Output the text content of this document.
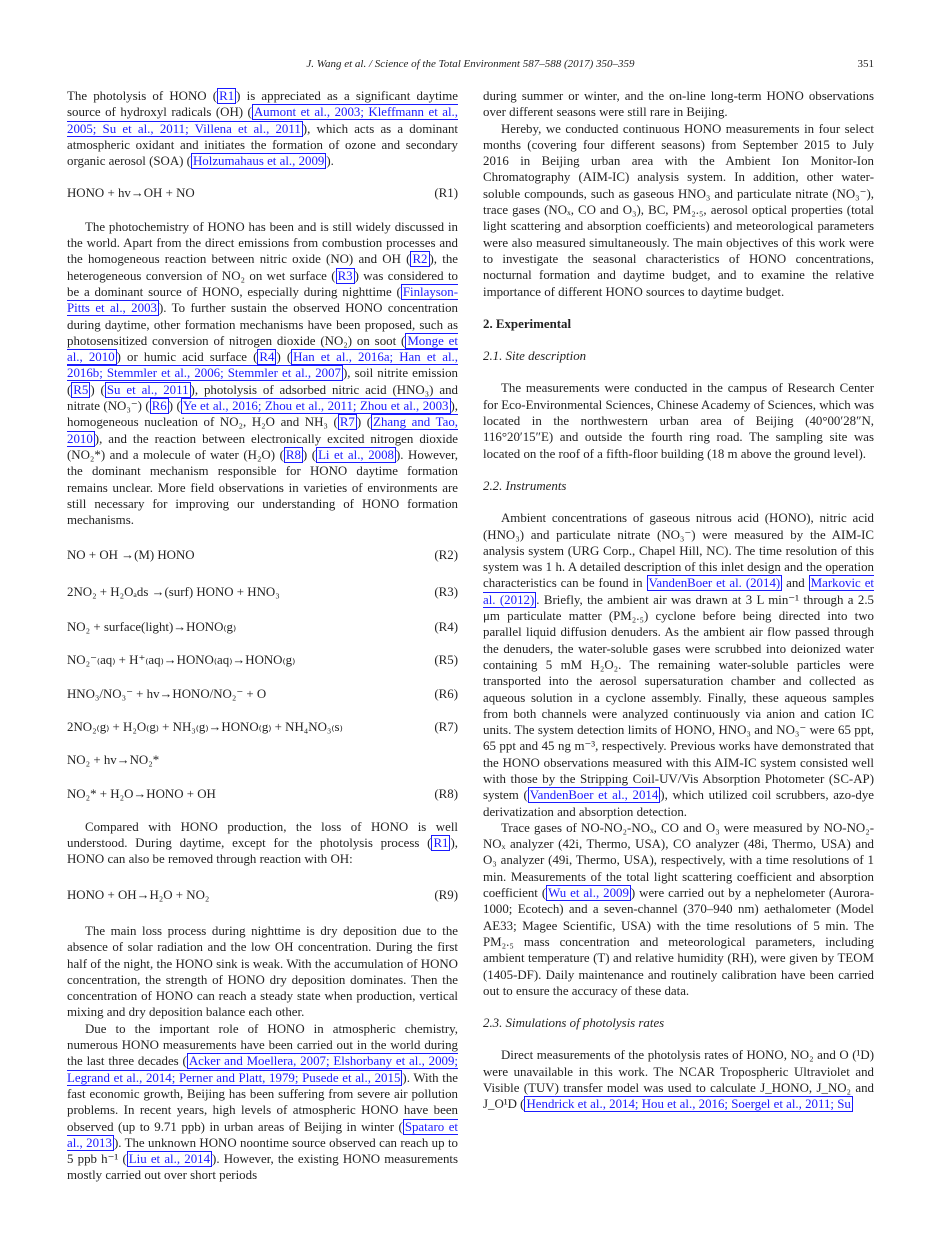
J. Wang et al. / Science of the Total Environment 587–588 (2017) 350–359	351

The photolysis of HONO ( R1 ) is appreciated as a significant daytime source of hydroxyl radicals (OH) ( Aumont et al., 2003; Kleffmann et al., 2005; Su et al., 2011; Villena et al., 2011 ), which acts as a dominant atmospheric oxidant and initiates the formation of ozone and secondary organic aerosol (SOA) ( Holzumahaus et al., 2009 ).

HONO + hv→OH + NO	(R1)

The photochemistry of HONO has been and is still widely discussed in the world. Apart from the direct emissions from combustion processes and the homogeneous reaction between nitric oxide (NO) and OH ( R2 ), the heterogeneous conversion of NO₂ on wet surface ( R3 ) was considered to be a dominant source of HONO, especially during nighttime ( Finlayson-Pitts et al., 2003 ). To further sustain the observed HONO concentration during daytime, other formation mechanisms have been proposed, such as photosensitized conversion of nitrogen dioxide (NO₂) on soot ( Monge et al., 2010 ) or humic acid surface ( R4 ) ( Han et al., 2016a; Han et al., 2016b; Stemmler et al., 2006; Stemmler et al., 2007 ), soil nitrite emission ( R5 ) ( Su et al., 2011 ), photolysis of adsorbed nitric acid (HNO₃) and nitrate (NO₃⁻) ( R6 ) ( Ye et al., 2016; Zhou et al., 2011; Zhou et al., 2003 ), homogeneous nucleation of NO₂, H₂O and NH₃ ( R7 ) ( Zhang and Tao, 2010 ), and the reaction between electronically excited nitrogen dioxide (NO₂*) and a molecule of water (H₂O) ( R8 ) ( Li et al., 2008 ). However, the dominant mechanism responsible for HONO daytime formation remains unclear. More field observations in varieties of environments are still necessary for improving our understanding of HONO formation mechanisms.

NO + OH →(M) HONO	(R2)
2NO₂ + H₂Oₐds →(surf) HONO + HNO₃	(R3)
NO₂ + surface(light)→HONO₍g₎	(R4)
NO₂⁻₍aq₎ + H⁺₍aq₎→HONO₍aq₎→HONO₍g₎	(R5)
HNO₃/NO₃⁻ + hv→HONO/NO₂⁻ + O	(R6)
2NO₂₍g₎ + H₂O₍g₎ + NH₃₍g₎→HONO₍g₎ + NH₄NO₃₍s₎	(R7)
NO₂ + hv→NO₂*
NO₂* + H₂O→HONO + OH	(R8)

Compared with HONO production, the loss of HONO is well understood. During daytime, except for the photolysis process ( R1 ), HONO can also be removed through reaction with OH:

HONO + OH→H₂O + NO₂	(R9)

The main loss process during nighttime is dry deposition due to the absence of solar radiation and the low OH concentration. During the first half of the night, the HONO sink is weak. With the accumulation of HONO concentration, the strength of HONO dry deposition dominates. Then the concentration of HONO can reach a steady state when production, vertical mixing and dry deposition balance each other.

Due to the important role of HONO in atmospheric chemistry, numerous HONO measurements have been carried out in the world during the last three decades ( Acker and Moellera, 2007; Elshorbany et al., 2009; Legrand et al., 2014; Perner and Platt, 1979; Pusede et al., 2015 ). With the fast economic growth, Beijing has been suffering from severe air pollution problems. In recent years, high levels of atmospheric HONO have been observed (up to 9.71 ppb) in urban areas of Beijing in winter ( Spataro et al., 2013 ). The unknown HONO noontime source observed can reach up to 5 ppb h⁻¹ ( Liu et al., 2014 ). However, the existing HONO measurements mostly carried out over short periods

during summer or winter, and the on-line long-term HONO observations over different seasons were still rare in Beijing.

Hereby, we conducted continuous HONO measurements in four select months (covering four different seasons) from September 2015 to July 2016 in Beijing urban area with the Ambient Ion Monitor-Ion Chromatography (AIM-IC) analysis system. In addition, other water-soluble compounds, such as gaseous HNO₃ and particulate nitrate (NO₃⁻), trace gases (NOₓ, CO and O₃), BC, PM₂.₅, aerosol optical properties (total light scattering and absorption coefficients) and meteorological parameters were also measured simultaneously. The main objectives of this work were to investigate the seasonal characteristics of HONO concentrations, nocturnal formation and daytime budget, and to examine the relative importance of different HONO sources to daytime budget.

2. Experimental
2.1. Site description

The measurements were conducted in the campus of Research Center for Eco-Environmental Sciences, Chinese Academy of Sciences, which was located in the northwestern urban area of Beijing (40°00′28″N, 116°20′15″E) and outside the fourth ring road. The sampling site was located on the roof of a fifth-floor building (18 m above the ground level).

2.2. Instruments

Ambient concentrations of gaseous nitrous acid (HONO), nitric acid (HNO₃) and particulate nitrate (NO₃⁻) were measured by the AIM-IC analysis system (URG Corp., Chapel Hill, NC). The time resolution of this system was 1 h. A detailed description of this inlet design and the operation characteristics can be found in VandenBoer et al. (2014) and Markovic et al. (2012) . Briefly, the ambient air was drawn at 3 L min⁻¹ through a 2.5 μm particulate matter (PM₂.₅) cyclone before being directed into two parallel liquid diffusion denuders. As the ambient air flow passed through the denuders, the water-soluble gases were scrubbed into deionized water containing 5 mM H₂O₂. The remaining water-soluble particles were transported into the aerosol supersaturation chamber and collected as aqueous solution in a cyclone assembly. Finally, these aqueous samples from both channels were analyzed continuously via anion and cation IC units. The system detection limits of HONO, HNO₃ and NO₃⁻ were 65 ppt, 65 ppt and 45 ng m⁻³, respectively. Previous works have demonstrated that the HONO observations measured with this AIM-IC system consisted well with those by the Stripping Coil-UV/Vis Absorption Photometer (SC-AP) system ( VandenBoer et al., 2014 ), which utilized coil scrubbers, azo-dye derivatization and absorption detection.

Trace gases of NO-NO₂-NOₓ, CO and O₃ were measured by NO-NO₂-NOₓ analyzer (42i, Thermo, USA), CO analyzer (48i, Thermo, USA) and O₃ analyzer (49i, Thermo, USA), respectively, with a time resolutions of 1 min. Measurements of the total light scattering coefficient and absorption coefficient ( Wu et al., 2009 ) were carried out by a nephelometer (Aurora-1000; Ecotech) and a seven-channel (370–940 nm) aethalometer (Model AE33; Magee Scientific, USA) with the time resolutions of 5 min. The PM₂.₅ mass concentration and meteorological parameters, including ambient temperature (T) and relative humidity (RH), were given by TEOM (1405-DF). Daily maintenance and routinely calibration have been carried out to ensure the accuracy of these data.

2.3. Simulations of photolysis rates

Direct measurements of the photolysis rates of HONO, NO₂ and O (¹D) were unavailable in this work. The NCAR Tropospheric Ultraviolet and Visible (TUV) transfer model was used to calculate J_HONO, J_NO₂ and J_O¹D ( Hendrick et al., 2014; Hou et al., 2016; Soergel et al., 2011; Su
